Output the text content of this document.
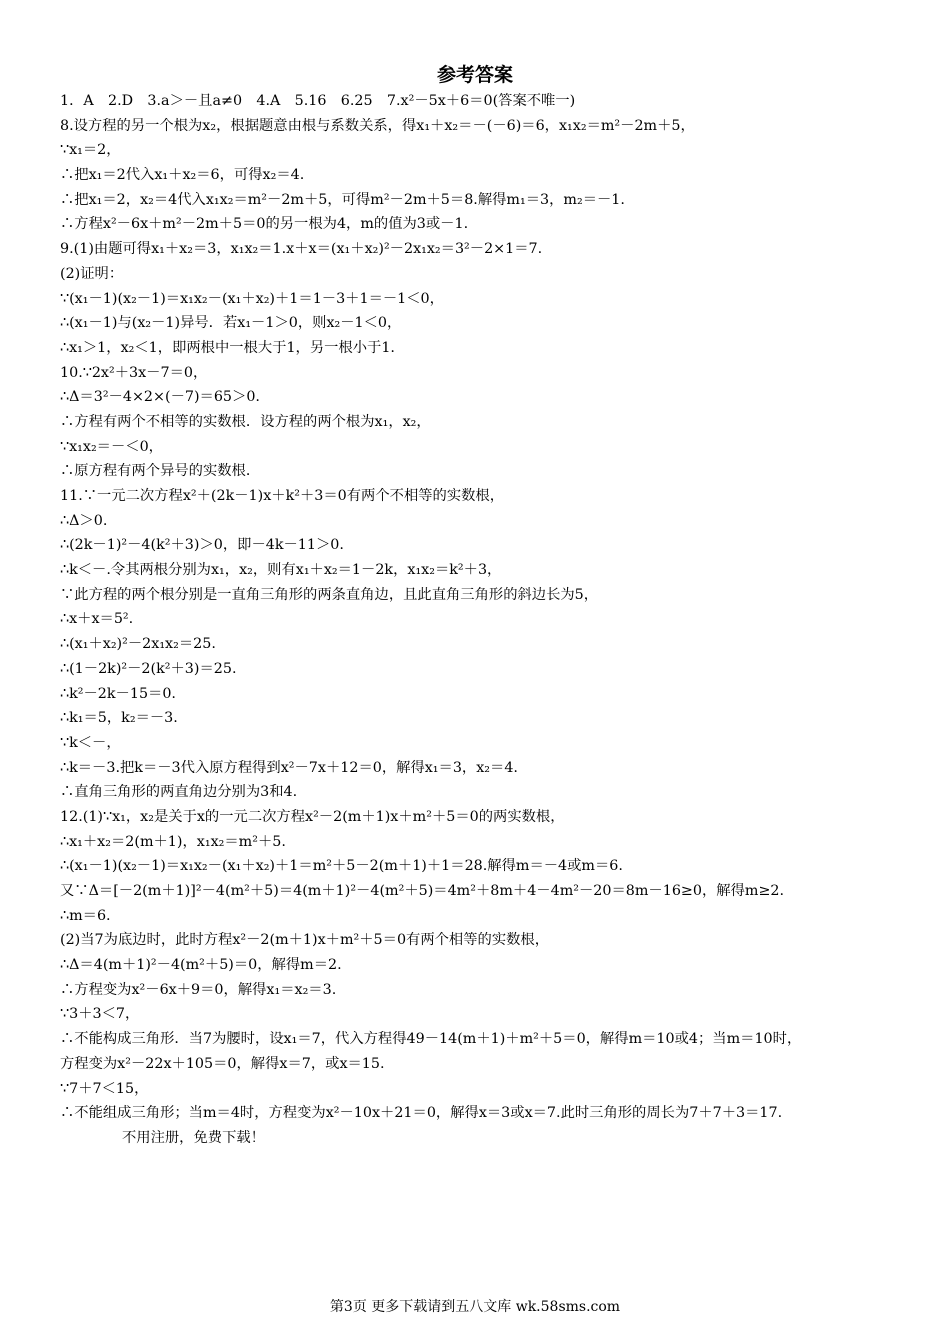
参考答案
1．A　2.D　3.a＞－且a≠0　4.A　5.16　6.25　7.x²－5x＋6＝0(答案不唯一)
8.设方程的另一个根为x₂，根据题意由根与系数关系，得x₁＋x₂＝－(－6)＝6，x₁x₂＝m²－2m＋5，
∵x₁＝2，
∴把x₁＝2代入x₁＋x₂＝6，可得x₂＝4.
∴把x₁＝2，x₂＝4代入x₁x₂＝m²－2m＋5，可得m²－2m＋5＝8.解得m₁＝3，m₂＝－1.
∴方程x²－6x＋m²－2m＋5＝0的另一根为4，m的值为3或－1.
9.(1)由题可得x₁＋x₂＝3，x₁x₂＝1.x＋x＝(x₁＋x₂)²－2x₁x₂＝3²－2×1＝7.
(2)证明：
∵(x₁－1)(x₂－1)＝x₁x₂－(x₁＋x₂)＋1＝1－3＋1＝－1＜0，
∴(x₁－1)与(x₂－1)异号．若x₁－1＞0，则x₂－1＜0，
∴x₁＞1，x₂＜1，即两根中一根大于1，另一根小于1.
10.∵2x²＋3x－7＝0，
∴Δ＝3²－4×2×(－7)＝65＞0.
∴方程有两个不相等的实数根．设方程的两个根为x₁，x₂，
∵x₁x₂＝－＜0，
∴原方程有两个异号的实数根．
11.∵一元二次方程x²＋(2k－1)x＋k²＋3＝0有两个不相等的实数根，
∴Δ＞0.
∴(2k－1)²－4(k²＋3)＞0，即－4k－11＞0.
∴k＜－.令其两根分别为x₁，x₂，则有x₁＋x₂＝1－2k，x₁x₂＝k²＋3，
∵此方程的两个根分别是一直角三角形的两条直角边，且此直角三角形的斜边长为5，
∴x＋x＝5².
∴(x₁＋x₂)²－2x₁x₂＝25.
∴(1－2k)²－2(k²＋3)＝25.
∴k²－2k－15＝0.
∴k₁＝5，k₂＝－3.
∵k＜－，
∴k＝－3.把k＝－3代入原方程得到x²－7x＋12＝0，解得x₁＝3，x₂＝4.
∴直角三角形的两直角边分别为3和4.
12.(1)∵x₁，x₂是关于x的一元二次方程x²－2(m＋1)x＋m²＋5＝0的两实数根，
∴x₁＋x₂＝2(m＋1)，x₁x₂＝m²＋5.
∴(x₁－1)(x₂－1)＝x₁x₂－(x₁＋x₂)＋1＝m²＋5－2(m＋1)＋1＝28.解得m＝－4或m＝6.
又∵Δ＝[－2(m＋1)]²－4(m²＋5)＝4(m＋1)²－4(m²＋5)＝4m²＋8m＋4－4m²－20＝8m－16≥0，解得m≥2.
∴m＝6.
(2)当7为底边时，此时方程x²－2(m＋1)x＋m²＋5＝0有两个相等的实数根，
∴Δ＝4(m＋1)²－4(m²＋5)＝0，解得m＝2.
∴方程变为x²－6x＋9＝0，解得x₁＝x₂＝3.
∵3＋3＜7，
∴不能构成三角形．当7为腰时，设x₁＝7，代入方程得49－14(m＋1)＋m²＋5＝0，解得m＝10或4；当m＝10时，
方程变为x²－22x＋105＝0，解得x＝7，或x＝15.
∵7＋7＜15，
∴不能组成三角形；当m＝4时，方程变为x²－10x＋21＝0，解得x＝3或x＝7.此时三角形的周长为7＋7＋3＝17.
不用注册，免费下载！
第3页 更多下载请到五八文库 wk.58sms.com
